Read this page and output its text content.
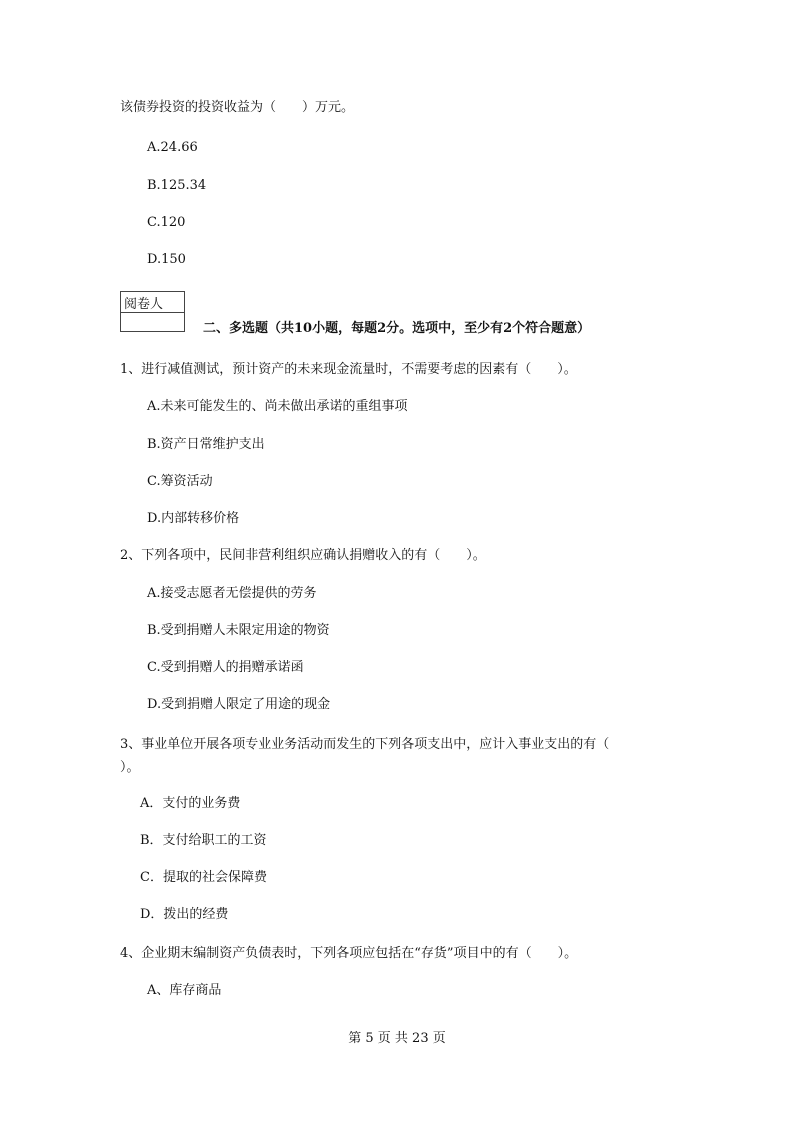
该债券投资的投资收益为（　　）万元。
A.24.66
B.125.34
C.120
D.150
阅卷人
二、多选题（共10小题，每题2分。选项中，至少有2个符合题意）
1、进行减值测试，预计资产的未来现金流量时，不需要考虑的因素有（　　）。
A.未来可能发生的、尚未做出承诺的重组事项
B.资产日常维护支出
C.筹资活动
D.内部转移价格
2、下列各项中，民间非营利组织应确认捐赠收入的有（　　）。
A.接受志愿者无偿提供的劳务
B.受到捐赠人未限定用途的物资
C.受到捐赠人的捐赠承诺函
D.受到捐赠人限定了用途的现金
3、事业单位开展各项专业业务活动而发生的下列各项支出中，应计入事业支出的有（
）。
A．支付的业务费
B．支付给职工的工资
C．提取的社会保障费
D．拨出的经费
4、企业期末编制资产负债表时，下列各项应包括在“存货”项目中的有（　　）。
A、库存商品
第 5 页 共 23 页
